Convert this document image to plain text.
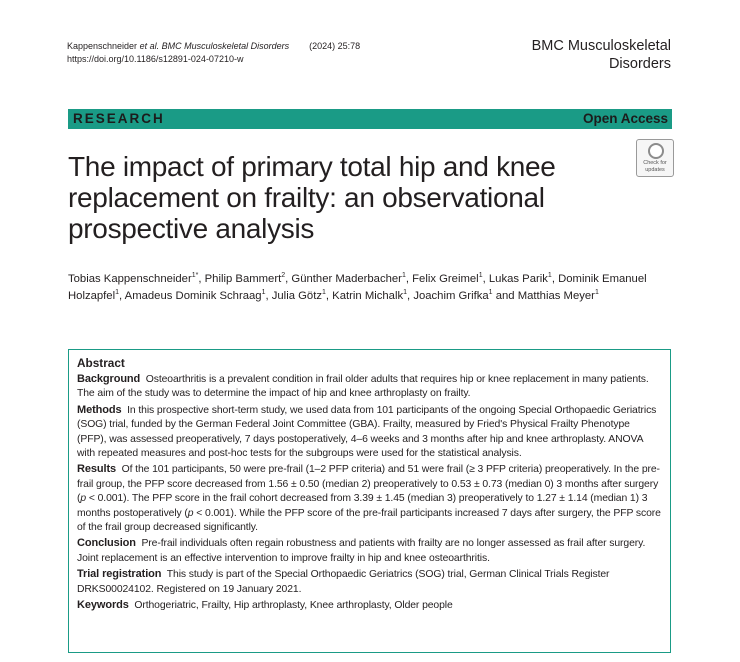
Kappenschneider et al. BMC Musculoskeletal Disorders (2024) 25:78
https://doi.org/10.1186/s12891-024-07210-w
BMC Musculoskeletal Disorders
RESEARCH	Open Access
The impact of primary total hip and knee replacement on frailty: an observational prospective analysis
Check for updates
Tobias Kappenschneider$^{1*}$, Philip Bammert$^2$, Günther Maderbacher$^1$, Felix Greimel$^1$, Lukas Parik$^1$, Dominik Emanuel Holzapfel$^1$, Amadeus Dominik Schraag$^1$, Julia Götz$^1$, Katrin Michalk$^1$, Joachim Grifka$^1$ and Matthias Meyer$^1$
Abstract
Background Osteoarthritis is a prevalent condition in frail older adults that requires hip or knee replacement in many patients. The aim of the study was to determine the impact of hip and knee arthroplasty on frailty.
Methods In this prospective short-term study, we used data from 101 participants of the ongoing Special Orthopaedic Geriatrics (SOG) trial, funded by the German Federal Joint Committee (GBA). Frailty, measured by Fried's Physical Frailty Phenotype (PFP), was assessed preoperatively, 7 days postoperatively, 4–6 weeks and 3 months after hip and knee arthroplasty. ANOVA with repeated measures and post-hoc tests for the subgroups were used for the statistical analysis.
Results Of the 101 participants, 50 were pre-frail (1–2 PFP criteria) and 51 were frail (≥ 3 PFP criteria) preoperatively. In the pre-frail group, the PFP score decreased from 1.56 ± 0.50 (median 2) preoperatively to 0.53 ± 0.73 (median 0) 3 months after surgery (p < 0.001). The PFP score in the frail cohort decreased from 3.39 ± 1.45 (median 3) preoperatively to 1.27 ± 1.14 (median 1) 3 months postoperatively (p < 0.001). While the PFP score of the pre-frail participants increased 7 days after surgery, the PFP score of the frail group decreased significantly.
Conclusion Pre-frail individuals often regain robustness and patients with frailty are no longer assessed as frail after surgery. Joint replacement is an effective intervention to improve frailty in hip and knee osteoarthritis.
Trial registration This study is part of the Special Orthopaedic Geriatrics (SOG) trial, German Clinical Trials Register DRKS00024102. Registered on 19 January 2021.
Keywords Orthogeriatric, Frailty, Hip arthroplasty, Knee arthroplasty, Older people
